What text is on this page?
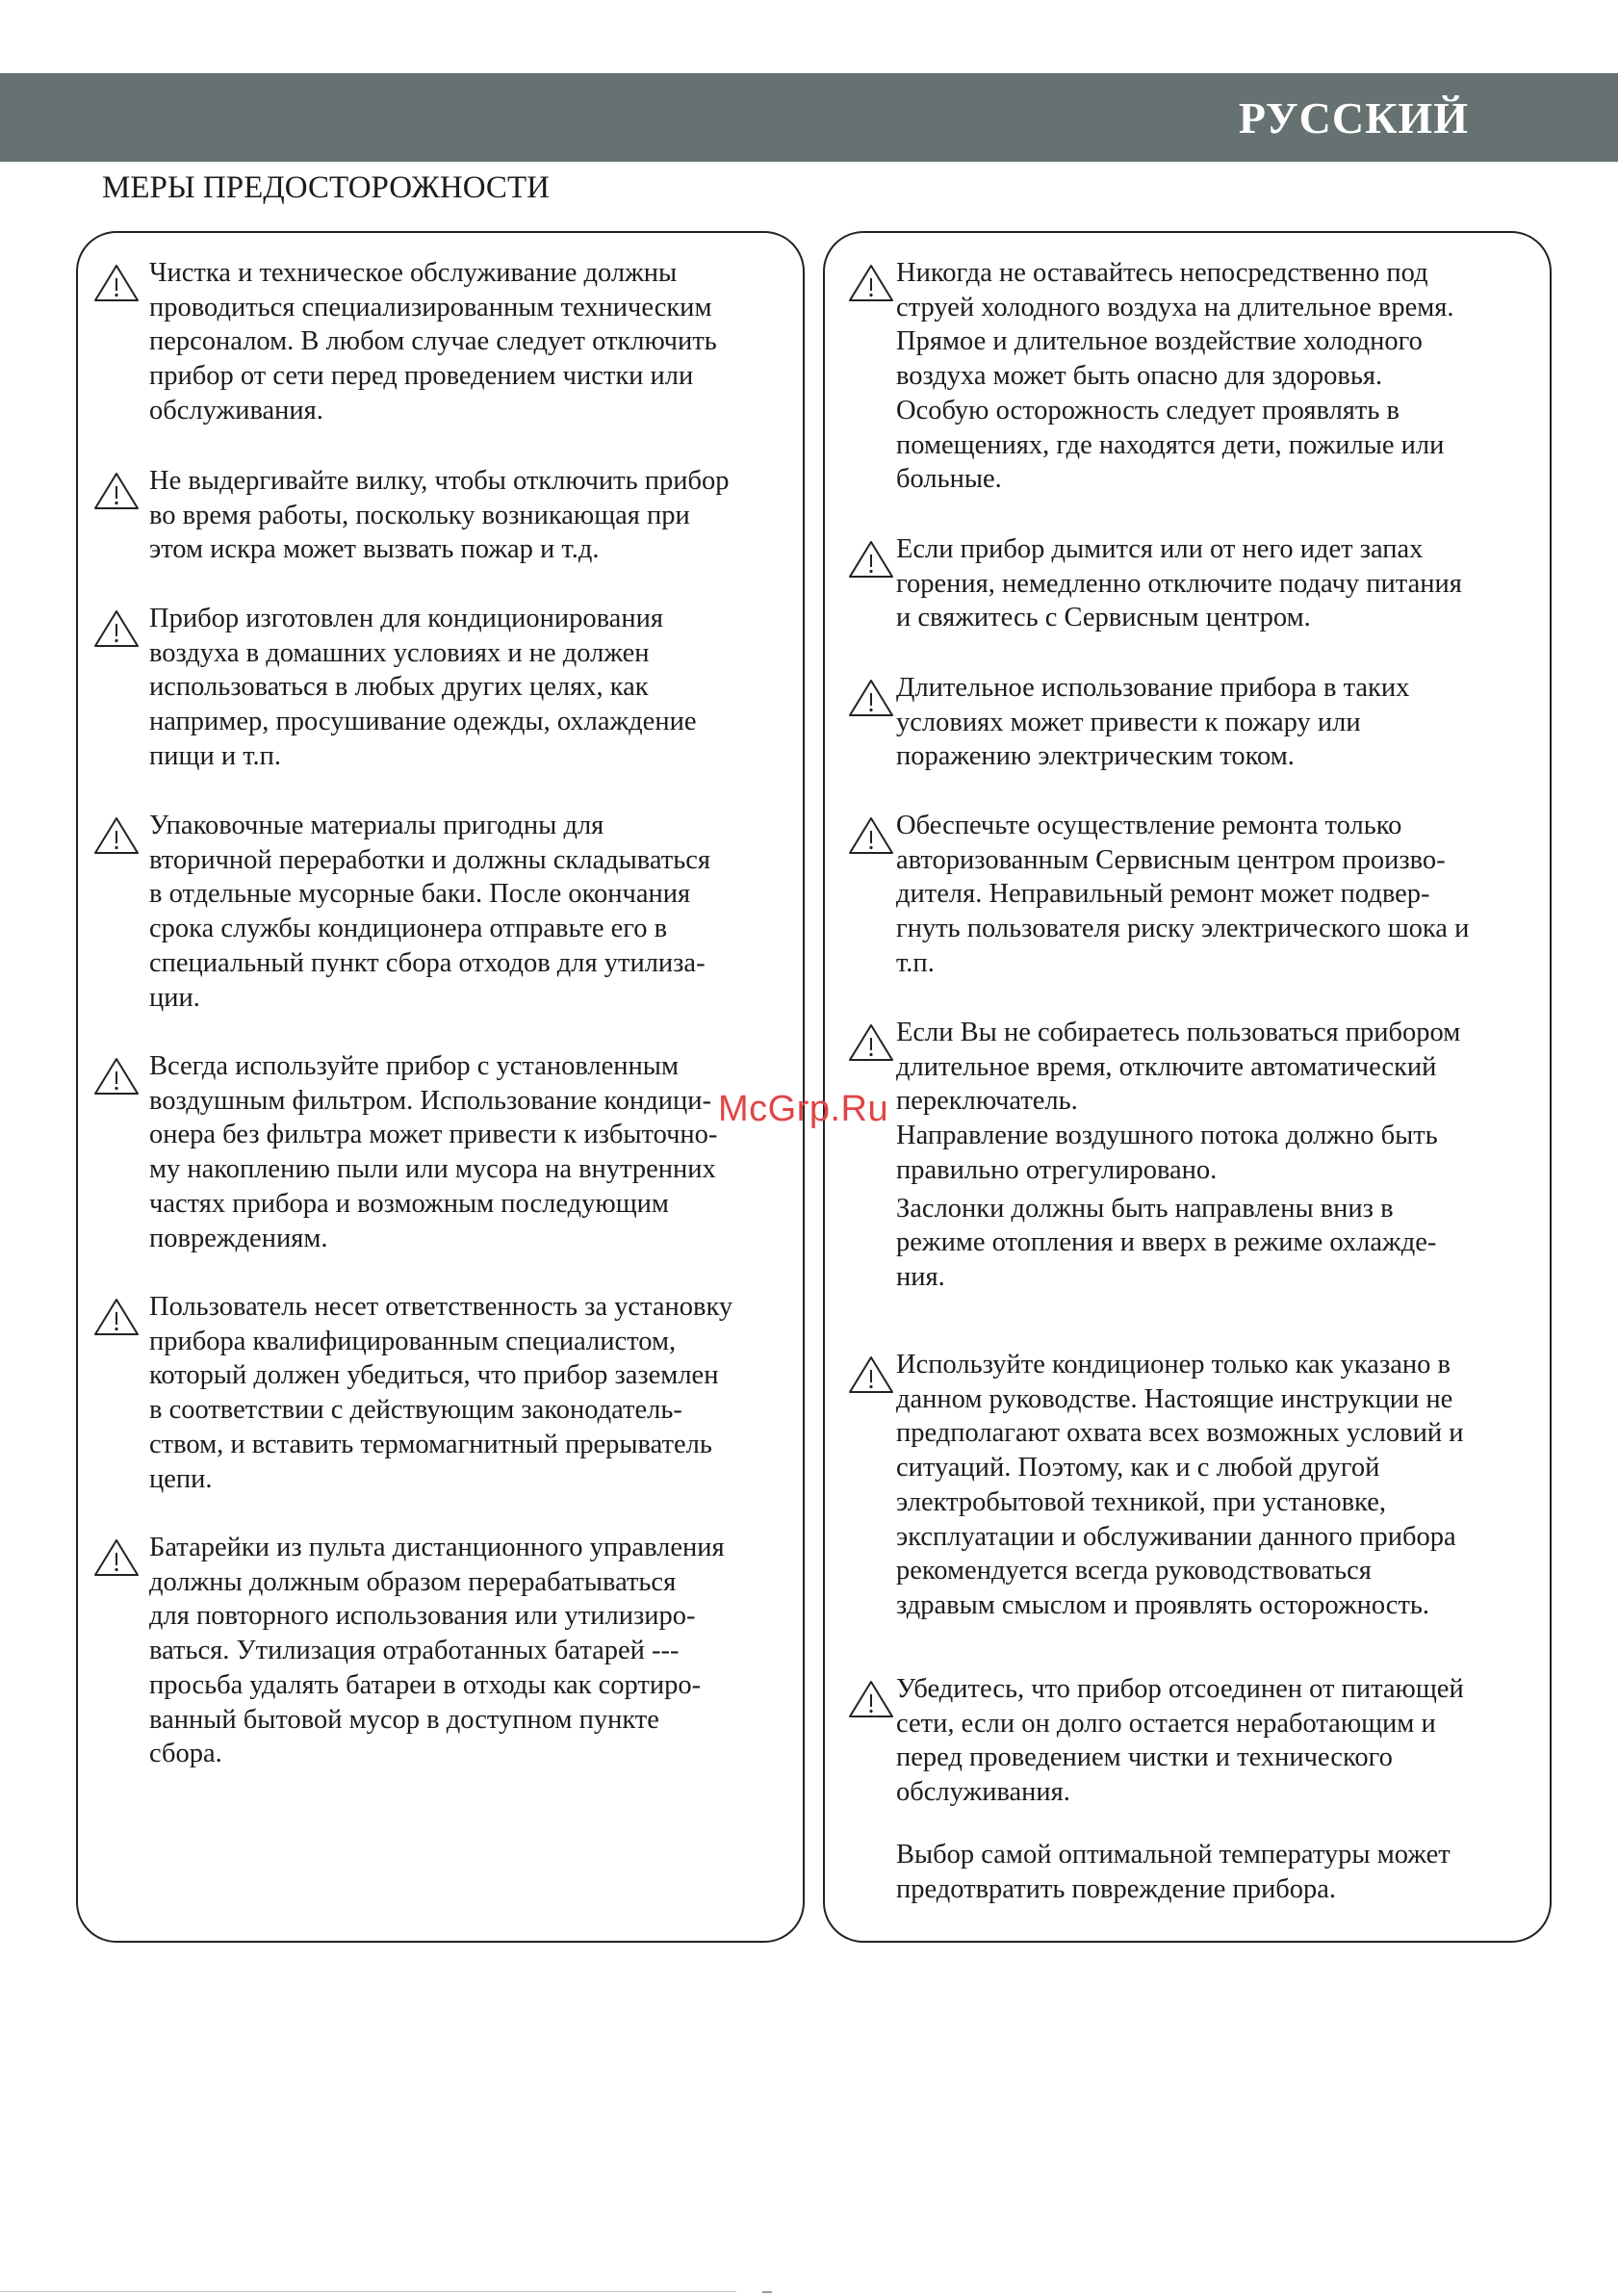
РУССКИЙ
МЕРЫ ПРЕДОСТОРОЖНОСТИ

Чистка и техническое обслуживание должны
проводиться специализированным техническим
персоналом. В любом случае следует отключить
прибор от сети перед проведением чистки или
обслуживания.

Не выдергивайте вилку, чтобы отключить прибор
во время работы, поскольку возникающая при
этом искра может вызвать пожар и т.д.

Прибор изготовлен для кондиционирования
воздуха в домашних условиях и не должен
использоваться в любых других целях, как
например, просушивание одежды, охлаждение
пищи и т.п.

Упаковочные материалы пригодны для
вторичной переработки и должны складываться
в отдельные мусорные баки. После окончания
срока службы кондиционера отправьте его в
специальный пункт сбора отходов для утилиза-
ции.

Всегда используйте прибор с установленным
воздушным фильтром. Использование кондици-
онера без фильтра может привести к избыточно-
му накоплению пыли или мусора на внутренних
частях прибора и возможным последующим
повреждениям.

Пользователь несет ответственность за установку
прибора квалифицированным специалистом,
который должен убедиться, что прибор заземлен
в соответствии с действующим законодатель-
ством, и вставить термомагнитный прерыватель
цепи.

Батарейки из пульта дистанционного управления
должны должным образом перерабатываться
для повторного использования или утилизиро-
ваться. Утилизация отработанных батарей ---
просьба удалять батареи в отходы как сортиро-
ванный бытовой мусор в доступном пункте
сбора.

Никогда не оставайтесь непосредственно под
струей холодного воздуха на длительное время.
Прямое и длительное воздействие холодного
воздуха может быть опасно для здоровья.
Особую осторожность следует проявлять в
помещениях, где находятся дети, пожилые или
больные.

Если прибор дымится или от него идет запах
горения, немедленно отключите подачу питания
и свяжитесь с Сервисным центром.

Длительное использование прибора в таких
условиях может привести к пожару или
поражению электрическим током.

Обеспечьте осуществление ремонта только
авторизованным Сервисным центром произво-
дителя. Неправильный ремонт может подвер-
гнуть пользователя риску электрического шока и
т.п.

Если Вы не собираетесь пользоваться прибором
длительное время, отключите автоматический
переключатель.
Направление воздушного потока должно быть
правильно отрегулировано.

Заслонки должны быть направлены вниз в
режиме отопления и вверх в режиме охлажде-
ния.

Используйте кондиционер только как указано в
данном руководстве. Настоящие инструкции не
предполагают охвата всех возможных условий и
ситуаций. Поэтому, как и с любой другой
электробытовой техникой, при установке,
эксплуатации и обслуживании данного прибора
рекомендуется всегда руководствоваться
здравым смыслом и проявлять осторожность.

Убедитесь, что прибор отсоединен от питающей
сети, если он долго остается неработающим и
перед проведением чистки и технического
обслуживания.

Выбор самой оптимальной температуры может
предотвратить повреждение прибора.

McGrp.Ru
